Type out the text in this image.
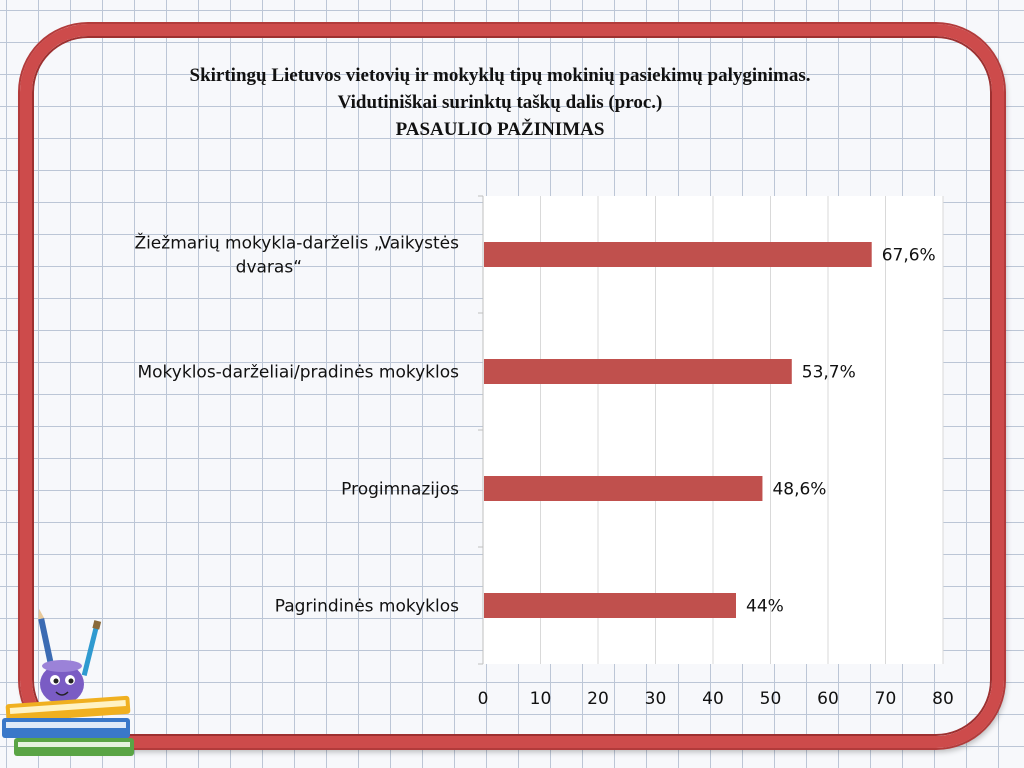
Skirtingų Lietuvos vietovių ir mokyklų tipų mokinių pasiekimų palyginimas.
Vidutiniškai surinktų taškų dalis (proc.)
PASAULIO PAŽINIMAS
0 10 20 30 40 50 60 70 80
Žiežmarių mokykla-darželis „Vaikystės
dvaras“
67,6%
Mokyklos-darželiai/pradinės mokyklos	53,7%
Progimnazijos	48,6%
Pagrindinės mokyklos	44%
